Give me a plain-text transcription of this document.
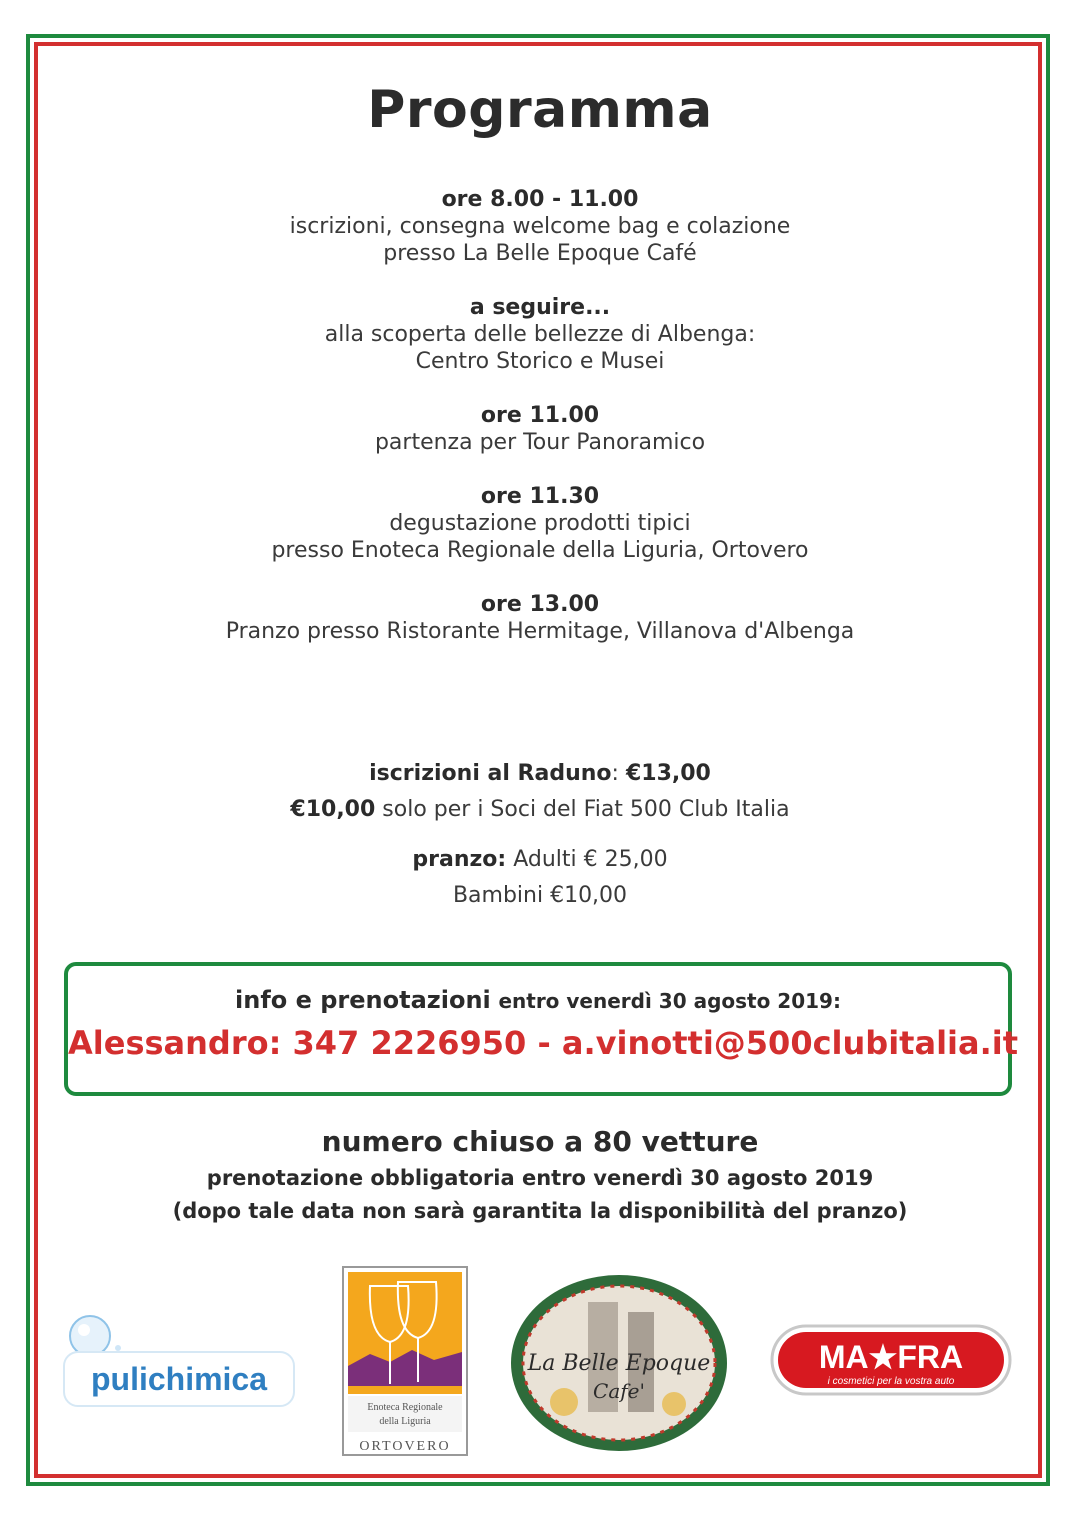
Programma
ore 8.00 - 11.00
iscrizioni, consegna welcome bag e colazione
presso La Belle Epoque Café
a seguire...
alla scoperta delle bellezze di Albenga:
Centro Storico e Musei
ore 11.00
partenza per Tour Panoramico
ore 11.30
degustazione prodotti tipici
presso Enoteca Regionale della Liguria, Ortovero
ore 13.00
Pranzo presso Ristorante Hermitage, Villanova d'Albenga
iscrizioni al Raduno: €13,00
€10,00 solo per i Soci del Fiat 500 Club Italia
pranzo: Adulti € 25,00
Bambini €10,00
info e prenotazioni entro venerdì 30 agosto 2019:
Alessandro: 347 2226950 - a.vinotti@500clubitalia.it
numero chiuso a 80 vetture
prenotazione obbligatoria entro venerdì 30 agosto 2019
(dopo tale data non sarà garantita la disponibilità del pranzo)
pulichimica
Enoteca Regionale
della Liguria
ORTOVERO
La Belle Epoque
Cafe'
MA★FRA
i cosmetici per la vostra auto
